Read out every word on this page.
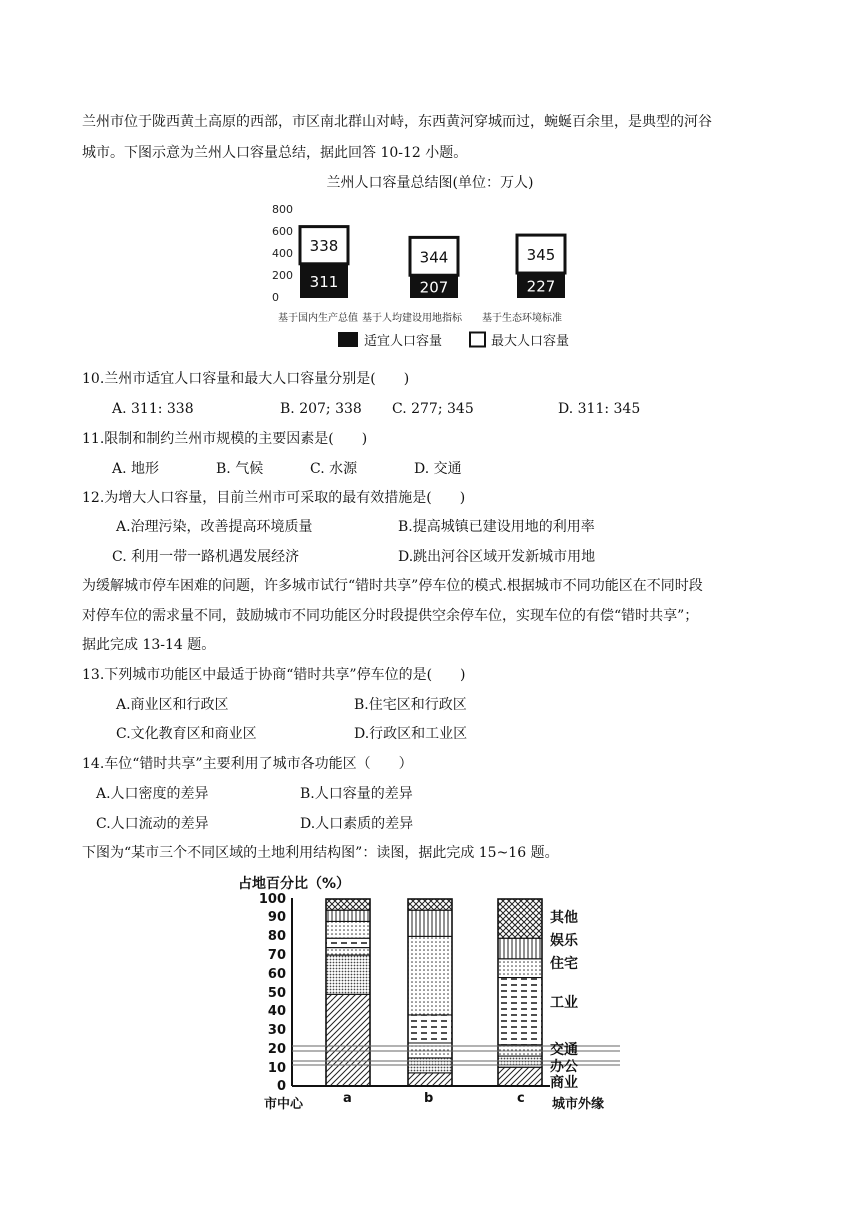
兰州市位于陇西黄土高原的西部，市区南北群山对峙，东西黄河穿城而过，蜿蜒百余里，是典型的河谷
城市。下图示意为兰州人口容量总结，据此回答 10-12 小题。
兰州人口容量总结图(单位：万人)
800
600
400
200
0
338
311
344
207
345
227
基于国内生产总值 基于人均建设用地指标 基于生态环境标准
适宜人口容量	最大人口容量
10.兰州市适宜人口容量和最大人口容量分别是(　　)
A. 311: 338	B. 207; 338 C. 277; 345	D. 311: 345
11.限制和制约兰州市规模的主要因素是(　　)
A. 地形	B. 气候	C. 水源	D. 交通
12.为增大人口容量，目前兰州市可采取的最有效措施是(　　)
A.治理污染，改善提高环境质量	B.提高城镇已建设用地的利用率
C. 利用一带一路机遇发展经济	D.跳出河谷区域开发新城市用地
为缓解城市停车困难的问题，许多城市试行“错时共享”停车位的模式.根据城市不同功能区在不同时段
对停车位的需求量不同，鼓励城市不同功能区分时段提供空余停车位，实现车位的有偿“错时共享”；
据此完成 13-14 题。
13.下列城市功能区中最适于协商“错时共享”停车位的是(　　)
A.商业区和行政区	B.住宅区和行政区
C.文化教育区和商业区	D.行政区和工业区
14.车位“错时共享”主要利用了城市各功能区（　　）
A.人口密度的差异	B.人口容量的差异
C.人口流动的差异	D.人口素质的差异
下图为“某市三个不同区域的土地利用结构图”：读图，据此完成 15~16 题。
占地百分比（%）
100
90
80
70
60
50
40
30
20
10
0
市中心	a	b	c 城市外缘
其他
娱乐
住宅
工业
交通
办公
商业
